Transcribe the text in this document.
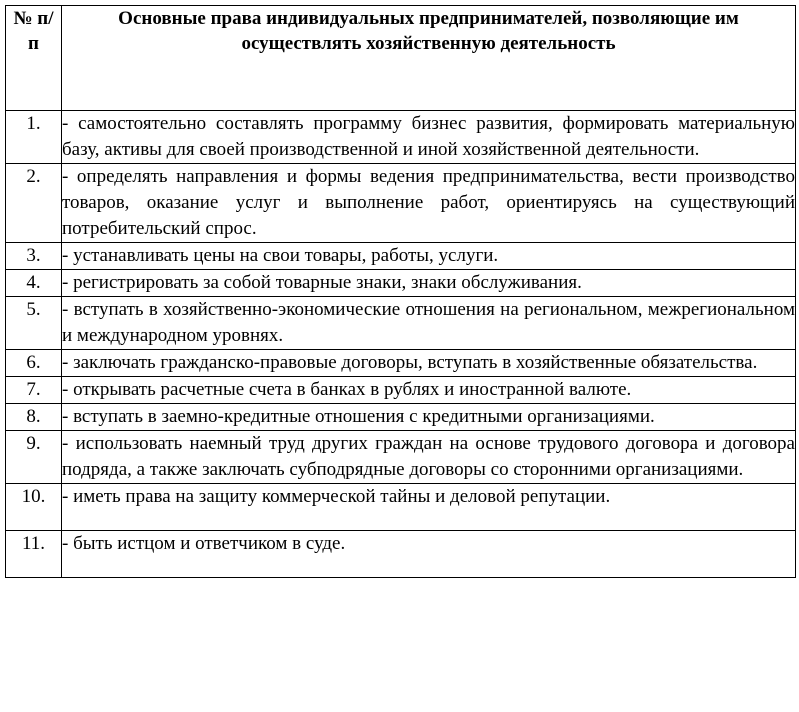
№ п/п	Основные права индивидуальных предпринимателей, позволяющие им осуществлять хозяйственную деятельность
1.	- самостоятельно составлять программу бизнес развития, формировать материальную базу, активы для своей производственной и иной хозяйственной деятельности.
2.	- определять направления и формы ведения предпринимательства, вести производство товаров, оказание услуг и выполнение работ, ориентируясь на существующий потребительский спрос.
3.	- устанавливать цены на свои товары, работы, услуги.
4.	- регистрировать за собой товарные знаки, знаки обслуживания.
5.	- вступать в хозяйственно-экономические отношения на региональном, межрегиональном и международном уровнях.
6.	- заключать гражданско-правовые договоры, вступать в хозяйственные обязательства.
7.	- открывать расчетные счета в банках в рублях и иностранной валюте.
8.	- вступать в заемно-кредитные отношения с кредитными организациями.
9.	- использовать наемный труд других граждан на основе трудового договора и договора подряда, а также заключать субподрядные договоры со сторонними организациями.
10.	- иметь права на защиту коммерческой тайны и деловой репутации.
11.	- быть истцом и ответчиком в суде.
